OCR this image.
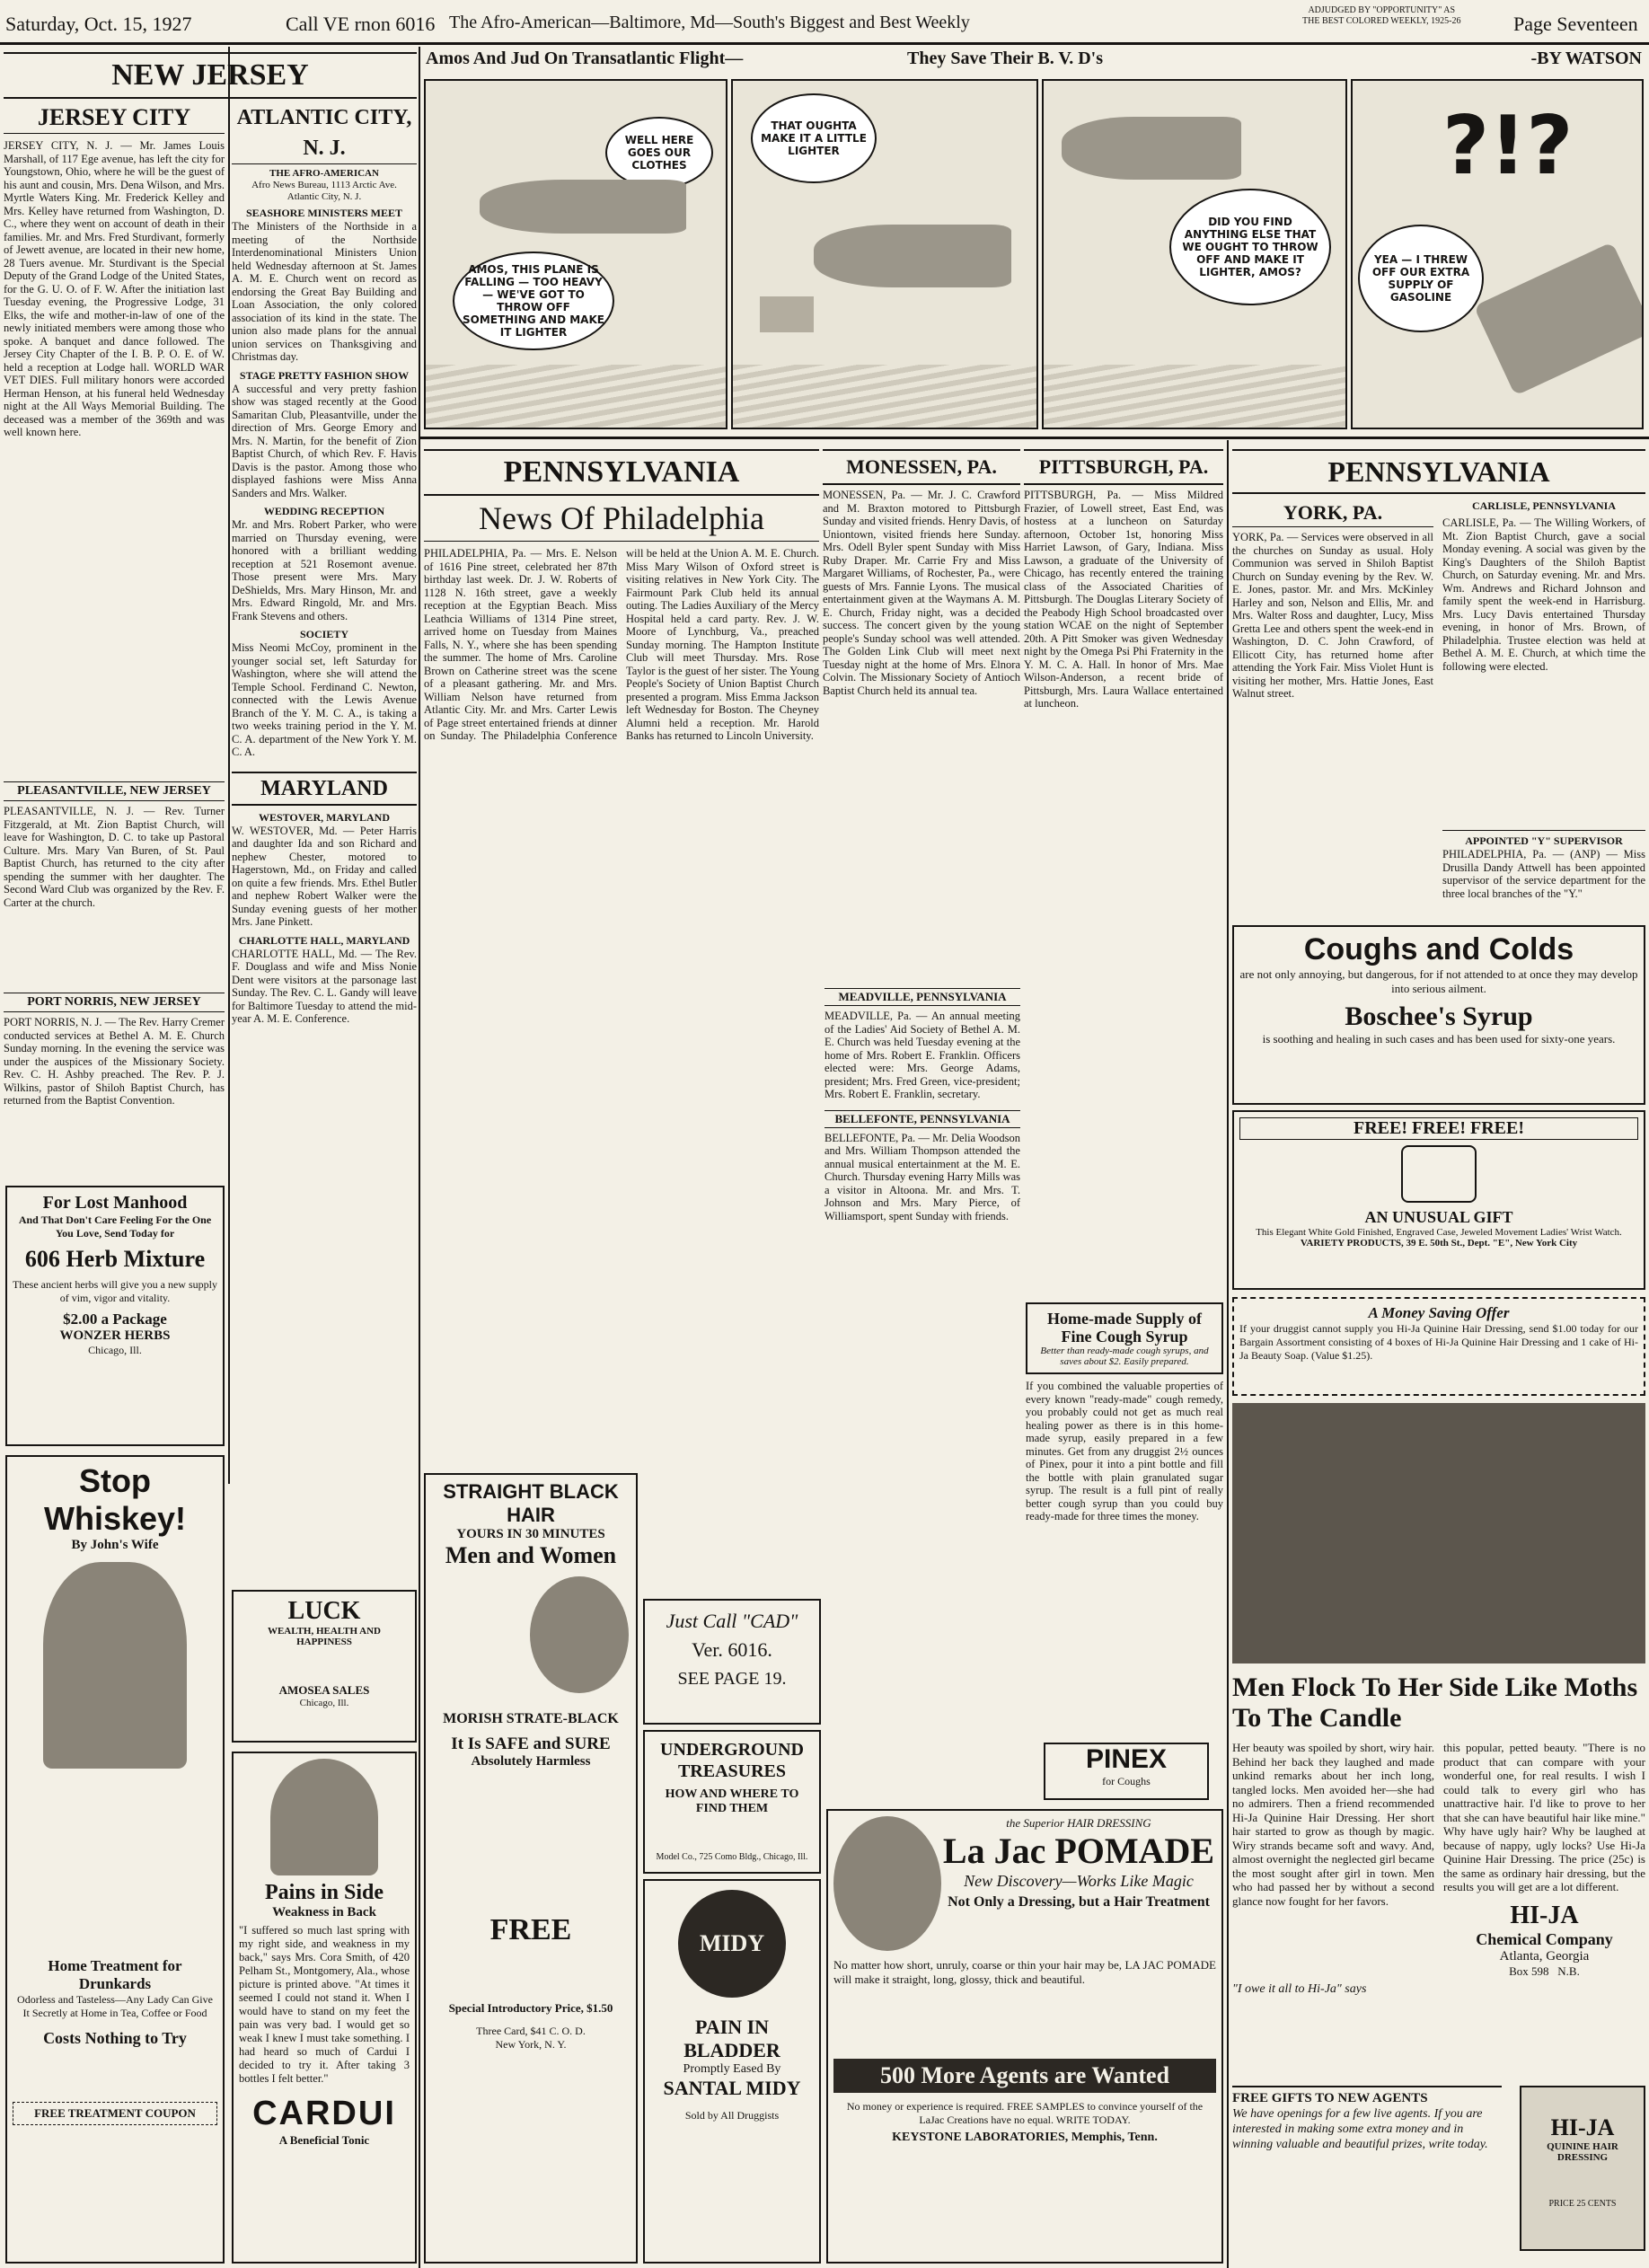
Saturday, Oct. 15, 1927	Call VE rnon 6016 The Afro-American—Baltimore, Md—South's Biggest and Best Weekly
ADJUDGED BY "OPPORTUNITY" AS
THE BEST COLORED WEEKLY, 1925-26	Page Seventeen
NEW JERSEY
JERSEY CITY
JERSEY CITY, N. J. — Mr. James Louis Marshall, of 117 Ege avenue, has left the city for Youngstown, Ohio, where he will be the guest of his aunt and cousin, Mrs. Dena Wilson, and Mrs. Myrtle Waters King. Mr. Frederick Kelley and Mrs. Kelley have returned from Washington, D. C., where they went on account of death in their families. Mr. and Mrs. Fred Sturdivant, formerly of Jewett avenue, are located in their new home, 28 Tuers avenue. Mr. Sturdivant is the Special Deputy of the Grand Lodge of the United States, for the G. U. O. of F. W. After the initiation last Tuesday evening, the Progressive Lodge, 31 Elks, the wife and mother-in-law of one of the newly initiated members were among those who spoke. A banquet and dance followed. The Jersey City Chapter of the I. B. P. O. E. of W. held a reception at Lodge hall. WORLD WAR VET DIES. Full military honors were accorded Herman Henson, at his funeral held Wednesday night at the All Ways Memorial Building. The deceased was a member of the 369th and was well known here.
PLEASANTVILLE, NEW JERSEY
PLEASANTVILLE, N. J. — Rev. Turner Fitzgerald, at Mt. Zion Baptist Church, will leave for Washington, D. C. to take up Pastoral Culture. Mrs. Mary Van Buren, of St. Paul Baptist Church, has returned to the city after spending the summer with her daughter. The Second Ward Club was organized by the Rev. F. Carter at the church.
PORT NORRIS, NEW JERSEY
PORT NORRIS, N. J. — The Rev. Harry Cremer conducted services at Bethel A. M. E. Church Sunday morning. In the evening the service was under the auspices of the Missionary Society. Rev. C. H. Ashby preached. The Rev. P. J. Wilkins, pastor of Shiloh Baptist Church, has returned from the Baptist Convention.
ATLANTIC CITY, N. J.
THE AFRO-AMERICAN
Afro News Bureau, 1113 Arctic Ave.
Atlantic City, N. J.
SEASHORE MINISTERS MEET
The Ministers of the Northside in a meeting of the Northside Interdenominational Ministers Union held Wednesday afternoon at St. James A. M. E. Church went on record as endorsing the Great Bay Building and Loan Association, the only colored association of its kind in the state. The union also made plans for the annual union services on Thanksgiving and Christmas day.
STAGE PRETTY FASHION SHOW
A successful and very pretty fashion show was staged recently at the Good Samaritan Club, Pleasantville, under the direction of Mrs. George Emory and Mrs. N. Martin, for the benefit of Zion Baptist Church, of which Rev. F. Havis Davis is the pastor. Among those who displayed fashions were Miss Anna Sanders and Mrs. Walker.
WEDDING RECEPTION
Mr. and Mrs. Robert Parker, who were married on Thursday evening, were honored with a brilliant wedding reception at 521 Rosemont avenue. Those present were Mrs. Mary DeShields, Mrs. Mary Hinson, Mr. and Mrs. Edward Ringold, Mr. and Mrs. Frank Stevens and others.
SOCIETY
Miss Neomi McCoy, prominent in the younger social set, left Saturday for Washington, where she will attend the Temple School. Ferdinand C. Newton, connected with the Lewis Avenue Branch of the Y. M. C. A., is taking a two weeks training period in the Y. M. C. A. department of the New York Y. M. C. A.
MARYLAND
WESTOVER, MARYLAND
W. WESTOVER, Md. — Peter Harris and daughter Ida and son Richard and nephew Chester, motored to Hagerstown, Md., on Friday and called on quite a few friends. Mrs. Ethel Butler and nephew Robert Walker were the Sunday evening guests of her mother Mrs. Jane Pinkett.
CHARLOTTE HALL, MARYLAND
CHARLOTTE HALL, Md. — The Rev. F. Douglass and wife and Miss Nonie Dent were visitors at the parsonage last Sunday. The Rev. C. L. Gandy will leave for Baltimore Tuesday to attend the mid-year A. M. E. Conference.
For Lost Manhood
And That Don't Care Feeling For the One You Love, Send Today for
606 Herb Mixture
These ancient herbs will give you a new supply of vim, vigor and vitality.
$2.00 a Package
WONZER HERBS
Chicago, Ill.
Stop Whiskey!
By John's Wife
Home Treatment for Drunkards
Odorless and Tasteless—Any Lady Can Give It Secretly at Home in Tea, Coffee or Food
Costs Nothing to Try
FREE TREATMENT COUPON
LUCK
WEALTH, HEALTH AND HAPPINESS
AMOSEA SALES
Chicago, Ill.
Pains in Side
Weakness in Back
"I suffered so much last spring with my right side, and weakness in my back," says Mrs. Cora Smith, of 420 Pelham St., Montgomery, Ala., whose picture is printed above. "At times it seemed I could not stand it. When I would have to stand on my feet the pain was very bad. I would get so weak I knew I must take something. I had heard so much of Cardui I decided to try it. After taking 3 bottles I felt better."
CARDUI
A Beneficial Tonic
Amos And Jud On Transatlantic Flight—	They Save Their B. V. D's	-BY WATSON
AMOS, THIS PLANE IS FALLING — TOO HEAVY — WE'VE GOT TO THROW OFF SOMETHING AND MAKE IT LIGHTER
WELL HERE GOES OUR CLOTHES
THAT OUGHTA MAKE IT A LITTLE LIGHTER
DID YOU FIND ANYTHING ELSE THAT WE OUGHT TO THROW OFF AND MAKE IT LIGHTER, AMOS?
?!?
YEA — I THREW OFF OUR EXTRA SUPPLY OF GASOLINE
PENNSYLVANIA
News Of Philadelphia
PHILADELPHIA, Pa. — Mrs. E. Nelson of 1616 Pine street, celebrated her 87th birthday last week. Dr. J. W. Roberts of 1128 N. 16th street, gave a weekly reception at the Egyptian Beach. Miss Leathcia Williams of 1314 Pine street, arrived home on Tuesday from Maines Falls, N. Y., where she has been spending the summer. The home of Mrs. Caroline Brown on Catherine street was the scene of a pleasant gathering. Mr. and Mrs. William Nelson have returned from Atlantic City. Mr. and Mrs. Carter Lewis of Page street entertained friends at dinner on Sunday. The Philadelphia Conference will be held at the Union A. M. E. Church. Miss Mary Wilson of Oxford street is visiting relatives in New York City. The Fairmount Park Club held its annual outing. The Ladies Auxiliary of the Mercy Hospital held a card party. Rev. J. W. Moore of Lynchburg, Va., preached Sunday morning. The Hampton Institute Club will meet Thursday. Mrs. Rose Taylor is the guest of her sister. The Young People's Society of Union Baptist Church presented a program. Miss Emma Jackson left Wednesday for Boston. The Cheyney Alumni held a reception. Mr. Harold Banks has returned to Lincoln University.
MEADVILLE, PENNSYLVANIA
MEADVILLE, Pa. — An annual meeting of the Ladies' Aid Society of Bethel A. M. E. Church was held Tuesday evening at the home of Mrs. Robert E. Franklin. Officers elected were: Mrs. George Adams, president; Mrs. Fred Green, vice-president; Mrs. Robert E. Franklin, secretary.
BELLEFONTE, PENNSYLVANIA
BELLEFONTE, Pa. — Mr. Delia Woodson and Mrs. William Thompson attended the annual musical entertainment at the M. E. Church. Thursday evening Harry Mills was a visitor in Altoona. Mr. and Mrs. T. Johnson and Mrs. Mary Pierce, of Williamsport, spent Sunday with friends.
MONESSEN, PA.
MONESSEN, Pa. — Mr. J. C. Crawford and M. Braxton motored to Pittsburgh Sunday and visited friends. Henry Davis, of Uniontown, visited friends here Sunday. Mrs. Odell Byler spent Sunday with Miss Ruby Draper. Mr. Carrie Fry and Miss Margaret Williams, of Rochester, Pa., were guests of Mrs. Fannie Lyons. The musical entertainment given at the Waymans A. M. E. Church, Friday night, was a decided success. The concert given by the young people's Sunday school was well attended. The Golden Link Club will meet next Tuesday night at the home of Mrs. Elnora Colvin. The Missionary Society of Antioch Baptist Church held its annual tea.
PITTSBURGH, PA.
PITTSBURGH, Pa. — Miss Mildred Frazier, of Lowell street, East End, was hostess at a luncheon on Saturday afternoon, October 1st, honoring Miss Harriet Lawson, of Gary, Indiana. Miss Lawson, a graduate of the University of Chicago, has recently entered the training class of the Associated Charities of Pittsburgh. The Douglas Literary Society of the Peabody High School broadcasted over station WCAE on the night of September 20th. A Pitt Smoker was given Wednesday night by the Omega Psi Phi Fraternity in the Y. M. C. A. Hall. In honor of Mrs. Mae Wilson-Anderson, a recent bride of Pittsburgh, Mrs. Laura Wallace entertained at luncheon.
PENNSYLVANIA
YORK, PA.
YORK, Pa. — Services were observed in all the churches on Sunday as usual. Holy Communion was served in Shiloh Baptist Church on Sunday evening by the Rev. W. E. Jones, pastor. Mr. and Mrs. McKinley Harley and son, Nelson and Ellis, Mr. and Mrs. Walter Ross and daughter, Lucy, Miss Gretta Lee and others spent the week-end in Washington, D. C. John Crawford, of Ellicott City, has returned home after attending the York Fair. Miss Violet Hunt is visiting her mother, Mrs. Hattie Jones, East Walnut street.
CARLISLE, PENNSYLVANIA
CARLISLE, Pa. — The Willing Workers, of Mt. Zion Baptist Church, gave a social Monday evening. A social was given by the King's Daughters of the Shiloh Baptist Church, on Saturday evening. Mr. and Mrs. Wm. Andrews and Richard Johnson and family spent the week-end in Harrisburg. Mrs. Lucy Davis entertained Thursday evening, in honor of Mrs. Brown, of Philadelphia. Trustee election was held at Bethel A. M. E. Church, at which time the following were elected.
APPOINTED "Y" SUPERVISOR
PHILADELPHIA, Pa. — (ANP) — Miss Drusilla Dandy Attwell has been appointed supervisor of the service department for the three local branches of the "Y."
STRAIGHT BLACK HAIR
YOURS IN 30 MINUTES
Men and Women
MORISH STRATE-BLACK
It Is SAFE and SURE
Absolutely Harmless
FREE
Special Introductory Price, $1.50
Three Card, $41 C. O. D.
New York, N. Y.
Just Call "CAD"
Ver. 6016.
SEE PAGE 19.
UNDERGROUND TREASURES
HOW AND WHERE TO FIND THEM
Model Co., 725 Como Bldg., Chicago, Ill.
MIDY
PAIN IN BLADDER
Promptly Eased By
SANTAL MIDY
Sold by All Druggists
Coughs and Colds
are not only annoying, but dangerous, for if not attended to at once they may develop into serious ailment.
Boschee's Syrup
is soothing and healing in such cases and has been used for sixty-one years.
FREE! FREE! FREE!
AN UNUSUAL GIFT
This Elegant White Gold Finished, Engraved Case, Jeweled Movement Ladies' Wrist Watch.
VARIETY PRODUCTS, 39 E. 50th St., Dept. "E", New York City
A Money Saving Offer
If your druggist cannot supply you Hi-Ja Quinine Hair Dressing, send $1.00 today for our Bargain Assortment consisting of 4 boxes of Hi-Ja Quinine Hair Dressing and 1 cake of Hi-Ja Beauty Soap. (Value $1.25).
Home-made Supply of Fine Cough Syrup
Better than ready-made cough syrups, and saves about $2. Easily prepared.
If you combined the valuable properties of every known "ready-made" cough remedy, you probably could not get as much real healing power as there is in this home-made syrup, easily prepared in a few minutes. Get from any druggist 2½ ounces of Pinex, pour it into a pint bottle and fill the bottle with plain granulated sugar syrup. The result is a full pint of really better cough syrup than you could buy ready-made for three times the money.
PINEX
for Coughs
the Superior HAIR DRESSING
La Jac POMADE
New Discovery—Works Like Magic
Not Only a Dressing, but a Hair Treatment
No matter how short, unruly, coarse or thin your hair may be, LA JAC POMADE will make it straight, long, glossy, thick and beautiful.
500 More Agents are Wanted
No money or experience is required. FREE SAMPLES to convince yourself of the LaJac Creations have no equal. WRITE TODAY.
KEYSTONE LABORATORIES, Memphis, Tenn.
Men Flock To Her Side Like Moths To The Candle
Her beauty was spoiled by short, wiry hair. Behind her back they laughed and made unkind remarks about her inch long, tangled locks. Men avoided her—she had no admirers. Then a friend recommended Hi-Ja Quinine Hair Dressing. Her short hair started to grow as though by magic. Wiry strands became soft and wavy. And, almost overnight the neglected girl became the most sought after girl in town. Men who had passed her by without a second glance now fought for her favors.
this popular, petted beauty. "There is no product that can compare with your wonderful one, for real results. I wish I could talk to every girl who has unattractive hair. I'd like to prove to her that she can have beautiful hair like mine." Why have ugly hair? Why be laughed at because of nappy, ugly locks? Use Hi-Ja Quinine Hair Dressing. The price (25c) is the same as ordinary hair dressing, but the results you will get are a lot different.
HI-JA
Chemical Company
Atlanta, Georgia
Box 598 N.B.
"I owe it all to Hi-Ja" says
FREE GIFTS TO NEW AGENTS
We have openings for a few live agents. If you are interested in making some extra money and in winning valuable and beautiful prizes, write today.
HI-JA
QUININE HAIR DRESSING
PRICE 25 CENTS
